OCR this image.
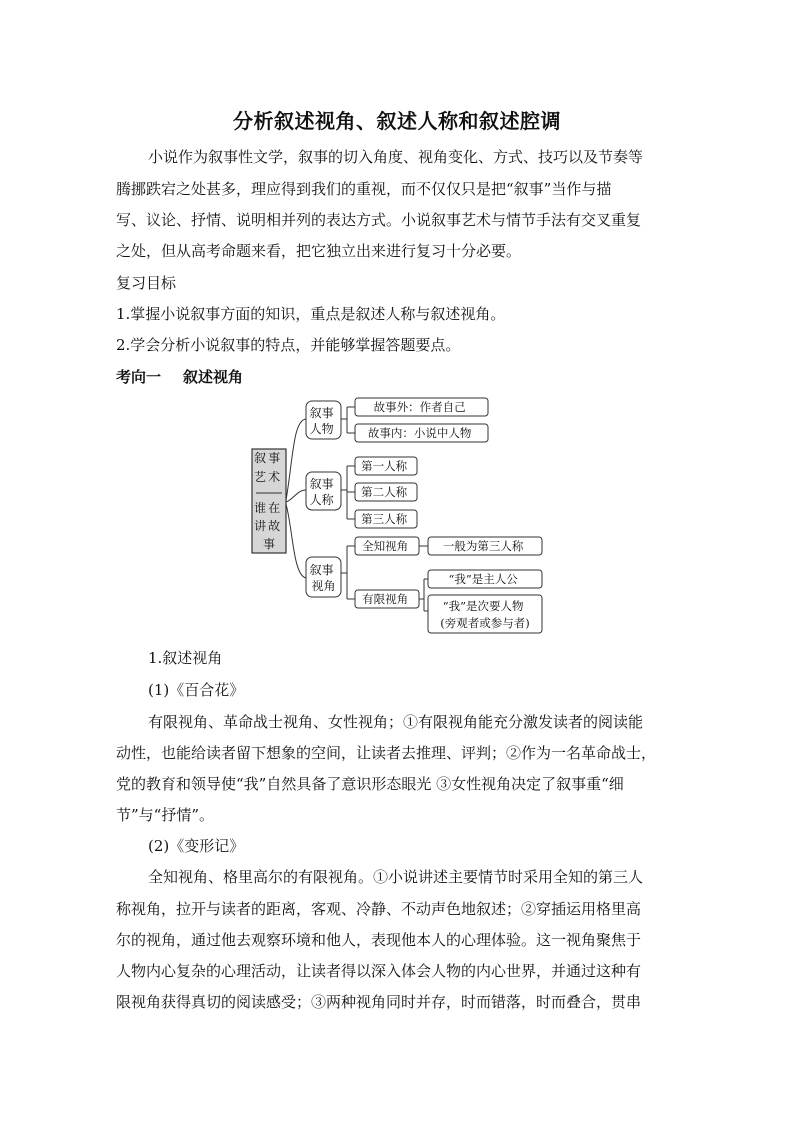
分析叙述视角、叙述人称和叙述腔调
小说作为叙事性文学，叙事的切入角度、视角变化、方式、技巧以及节奏等
腾挪跌宕之处甚多，理应得到我们的重视，而不仅仅只是把“叙事”当作与描
写、议论、抒情、说明相并列的表达方式。小说叙事艺术与情节手法有交叉重复
之处，但从高考命题来看，把它独立出来进行复习十分必要。
复习目标
1.掌握小说叙事方面的知识，重点是叙述人称与叙述视角。
2.学会分析小说叙事的特点，并能够掌握答题要点。
考向一 叙述视角
叙 事 艺 术 谁 在 讲 故 事
叙事 人物 叙事 人称 叙事 视角
故事外：作者自己 故事内：小说中人物 第一人称 第二人称 第三人称 全知视角	一般为第三人称 有限视角 “我”是主人公 “我”是次要人物 (旁观者或参与者)
1.叙述视角
(1)《百合花》
有限视角、革命战士视角、女性视角；①有限视角能充分激发读者的阅读能
动性，也能给读者留下想象的空间，让读者去推理、评判；②作为一名革命战士，
党的教育和领导使“我”自然具备了意识形态眼光 ③女性视角决定了叙事重“细
节”与“抒情”。
(2)《变形记》
全知视角、格里高尔的有限视角。①小说讲述主要情节时采用全知的第三人
称视角，拉开与读者的距离，客观、冷静、不动声色地叙述；②穿插运用格里高
尔的视角，通过他去观察环境和他人，表现他本人的心理体验。这一视角聚焦于
人物内心复杂的心理活动，让读者得以深入体会人物的内心世界，并通过这种有
限视角获得真切的阅读感受；③两种视角同时并存，时而错落，时而叠合，贯串
